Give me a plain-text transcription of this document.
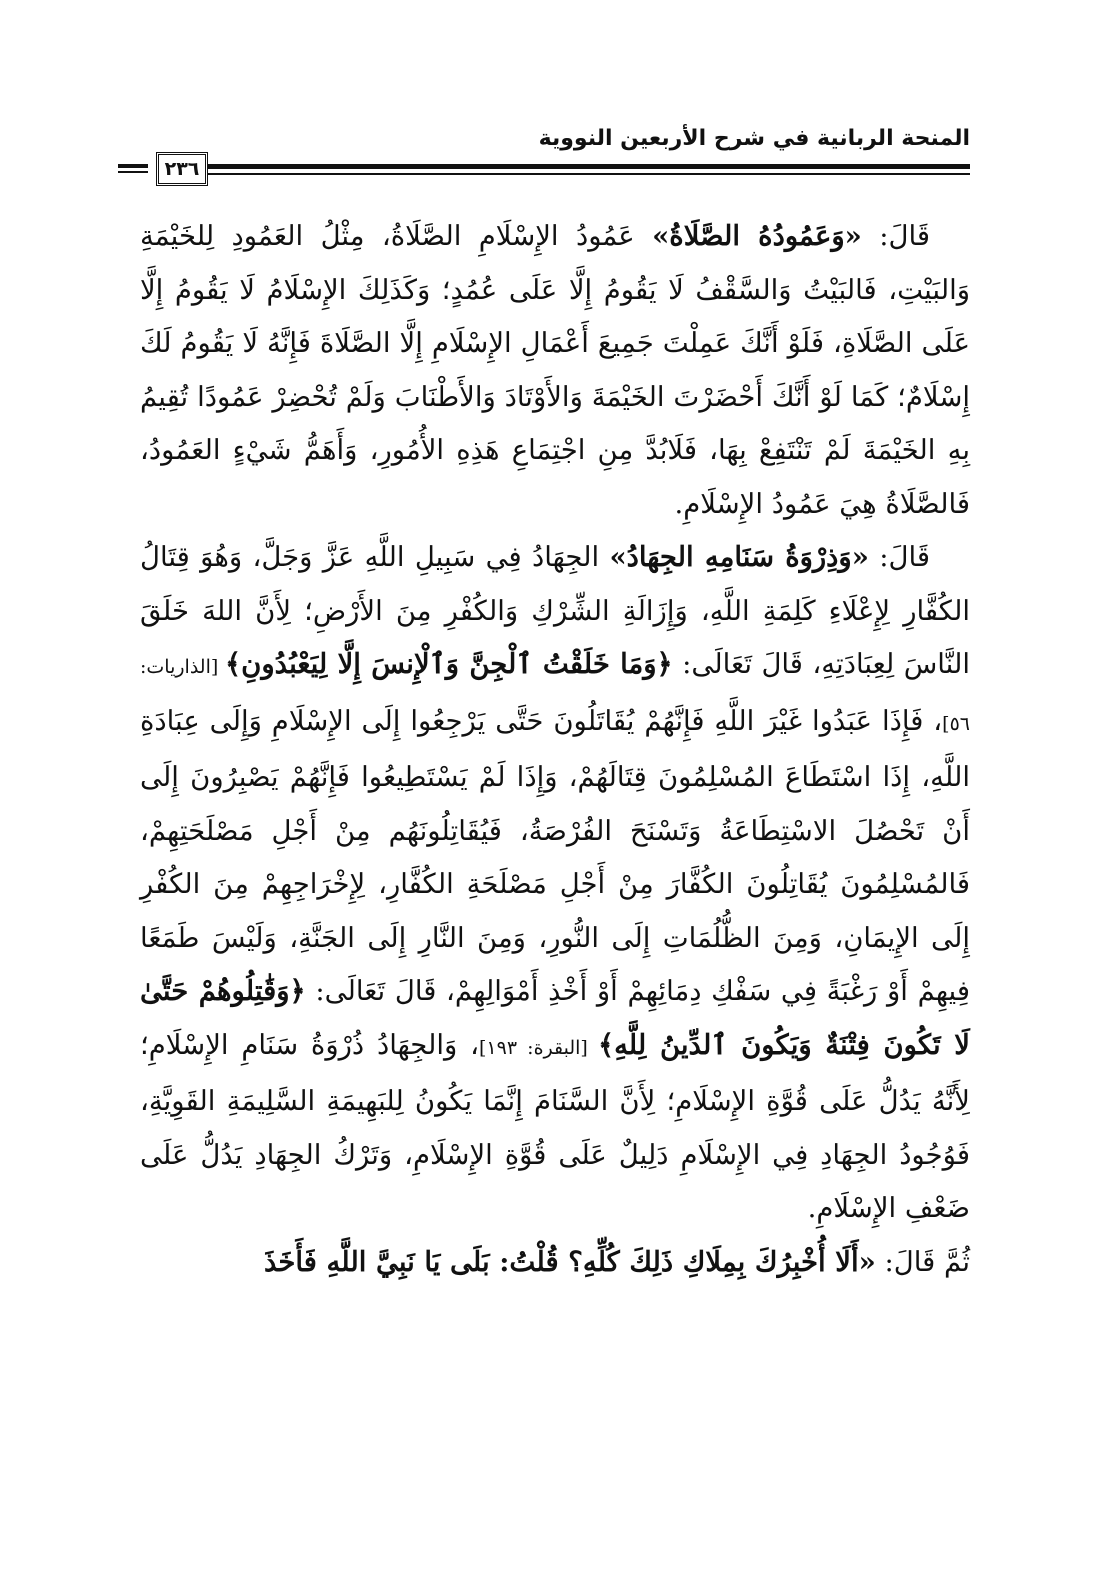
المنحة الربانية في شرح الأربعين النووية
٢٣٦

قَالَ: «وَعَمُودُهُ الصَّلَاةُ» عَمُودُ الإِسْلَامِ الصَّلَاةُ، مِثْلُ العَمُودِ لِلخَيْمَةِ وَالبَيْتِ، فَالبَيْتُ وَالسَّقْفُ لَا يَقُومُ إِلَّا عَلَى عُمُدٍ؛ وَكَذَلِكَ الإِسْلَامُ لَا يَقُومُ إِلَّا عَلَى الصَّلَاةِ، فَلَوْ أَنَّكَ عَمِلْتَ جَمِيعَ أَعْمَالِ الإِسْلَامِ إِلَّا الصَّلَاةَ فَإِنَّهُ لَا يَقُومُ لَكَ إِسْلَامٌ؛ كَمَا لَوْ أَنَّكَ أَحْضَرْتَ الخَيْمَةَ وَالأَوْتَادَ وَالأَطْنَابَ وَلَمْ تُحْضِرْ عَمُودًا تُقِيمُ بِهِ الخَيْمَةَ لَمْ تَنْتَفِعْ بِهَا، فَلَابُدَّ مِنِ اجْتِمَاعِ هَذِهِ الأُمُورِ، وَأَهَمُّ شَيْءٍ العَمُودُ، فَالصَّلَاةُ هِيَ عَمُودُ الإِسْلَامِ.

قَالَ: «وَذِرْوَةُ سَنَامِهِ الجِهَادُ» الجِهَادُ فِي سَبِيلِ اللَّهِ عَزَّ وَجَلَّ، وَهُوَ قِتَالُ الكُفَّارِ لِإِعْلَاءِ كَلِمَةِ اللَّهِ، وَإِزَالَةِ الشِّرْكِ وَالكُفْرِ مِنَ الأَرْضِ؛ لِأَنَّ اللهَ خَلَقَ النَّاسَ لِعِبَادَتِهِ، قَالَ تَعَالَى: ﴿وَمَا خَلَقْتُ ٱلْجِنَّ وَٱلْإِنسَ إِلَّا لِيَعْبُدُونِ﴾ [الذاريات: ٥٦]، فَإِذَا عَبَدُوا غَيْرَ اللَّهِ فَإِنَّهُمْ يُقَاتَلُونَ حَتَّى يَرْجِعُوا إِلَى الإِسْلَامِ وَإِلَى عِبَادَةِ اللَّهِ، إِذَا اسْتَطَاعَ المُسْلِمُونَ قِتَالَهُمْ، وَإِذَا لَمْ يَسْتَطِيعُوا فَإِنَّهُمْ يَصْبِرُونَ إِلَى أَنْ تَحْصُلَ الاسْتِطَاعَةُ وَتَسْنَحَ الفُرْصَةُ، فَيُقَاتِلُونَهُم مِنْ أَجْلِ مَصْلَحَتِهِمْ، فَالمُسْلِمُونَ يُقَاتِلُونَ الكُفَّارَ مِنْ أَجْلِ مَصْلَحَةِ الكُفَّارِ، لِإِخْرَاجِهِمْ مِنَ الكُفْرِ إِلَى الإِيمَانِ، وَمِنَ الظُّلُمَاتِ إِلَى النُّورِ، وَمِنَ النَّارِ إِلَى الجَنَّةِ، وَلَيْسَ طَمَعًا فِيهِمْ أَوْ رَغْبَةً فِي سَفْكِ دِمَائِهِمْ أَوْ أَخْذِ أَمْوَالِهِمْ، قَالَ تَعَالَى: ﴿وَقَٰتِلُوهُمْ حَتَّىٰ لَا تَكُونَ فِتْنَةٌ وَيَكُونَ ٱلدِّينُ لِلَّهِ﴾ [البقرة: ١٩٣]، وَالجِهَادُ ذُرْوَةُ سَنَامِ الإِسْلَامِ؛ لِأَنَّهُ يَدُلُّ عَلَى قُوَّةِ الإِسْلَامِ؛ لِأَنَّ السَّنَامَ إِنَّمَا يَكُونُ لِلبَهِيمَةِ السَّلِيمَةِ القَوِيَّةِ، فَوُجُودُ الجِهَادِ فِي الإِسْلَامِ دَلِيلٌ عَلَى قُوَّةِ الإِسْلَامِ، وَتَرْكُ الجِهَادِ يَدُلُّ عَلَى ضَعْفِ الإِسْلَامِ.

ثُمَّ قَالَ: «أَلَا أُخْبِرُكَ بِمِلَاكِ ذَلِكَ كُلِّهِ؟ قُلْتُ: بَلَى يَا نَبِيَّ اللَّهِ فَأَخَذَ
